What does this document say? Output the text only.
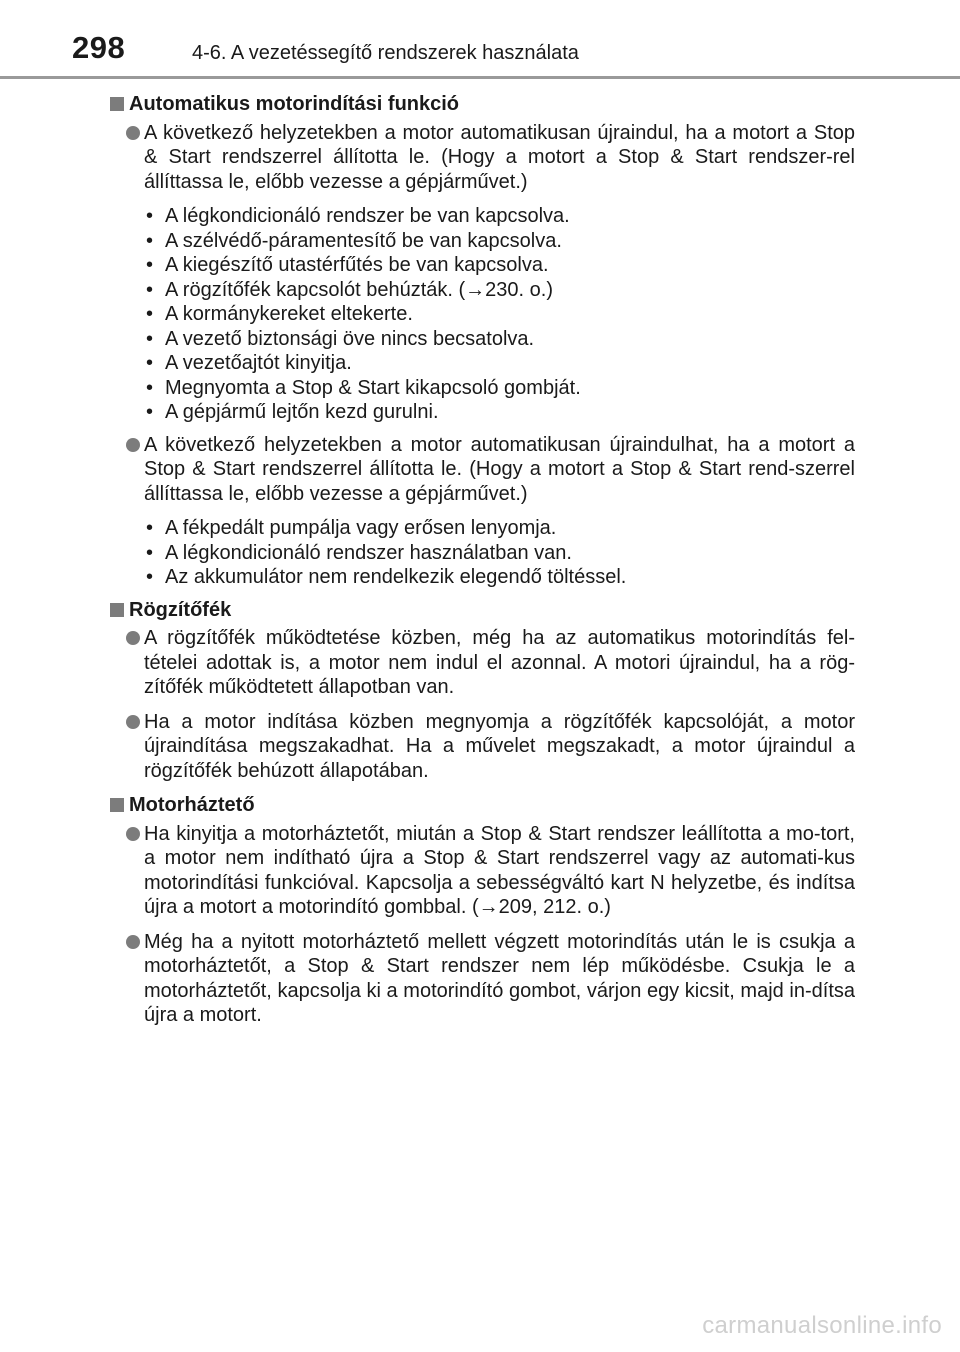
298	4-6. A vezetéssegítő rendszerek használata
Automatikus motorindítási funkció
A következő helyzetekben a motor automatikusan újraindul, ha a motort a Stop & Start rendszerrel állította le. (Hogy a motort a Stop & Start rendszer-rel állíttassa le, előbb vezesse a gépjárművet.)
• A légkondicionáló rendszer be van kapcsolva.
• A szélvédő-páramentesítő be van kapcsolva.
• A kiegészítő utastérfűtés be van kapcsolva.
• A rögzítőfék kapcsolót behúzták. (→230. o.)
• A kormánykereket eltekerte.
• A vezető biztonsági öve nincs becsatolva.
• A vezetőajtót kinyitja.
• Megnyomta a Stop & Start kikapcsoló gombját.
• A gépjármű lejtőn kezd gurulni.
A következő helyzetekben a motor automatikusan újraindulhat, ha a motort a Stop & Start rendszerrel állította le. (Hogy a motort a Stop & Start rend-szerrel állíttassa le, előbb vezesse a gépjárművet.)
• A fékpedált pumpálja vagy erősen lenyomja.
• A légkondicionáló rendszer használatban van.
• Az akkumulátor nem rendelkezik elegendő töltéssel.
Rögzítőfék
A rögzítőfék működtetése közben, még ha az automatikus motorindítás fel-tételei adottak is, a motor nem indul el azonnal. A motori újraindul, ha a rög-zítőfék működtetett állapotban van.
Ha a motor indítása közben megnyomja a rögzítőfék kapcsolóját, a motor újraindítása megszakadhat. Ha a művelet megszakadt, a motor újraindul a rögzítőfék behúzott állapotában.
Motorháztető
Ha kinyitja a motorháztetőt, miután a Stop & Start rendszer leállította a mo-tort, a motor nem indítható újra a Stop & Start rendszerrel vagy az automati-kus motorindítási funkcióval. Kapcsolja a sebességváltó kart N helyzetbe, és indítsa újra a motort a motorindító gombbal. (→209, 212. o.)
Még ha a nyitott motorháztető mellett végzett motorindítás után le is csukja a motorháztetőt, a Stop & Start rendszer nem lép működésbe. Csukja le a motorháztetőt, kapcsolja ki a motorindító gombot, várjon egy kicsit, majd in-dítsa újra a motort.
carmanualsonline.info
